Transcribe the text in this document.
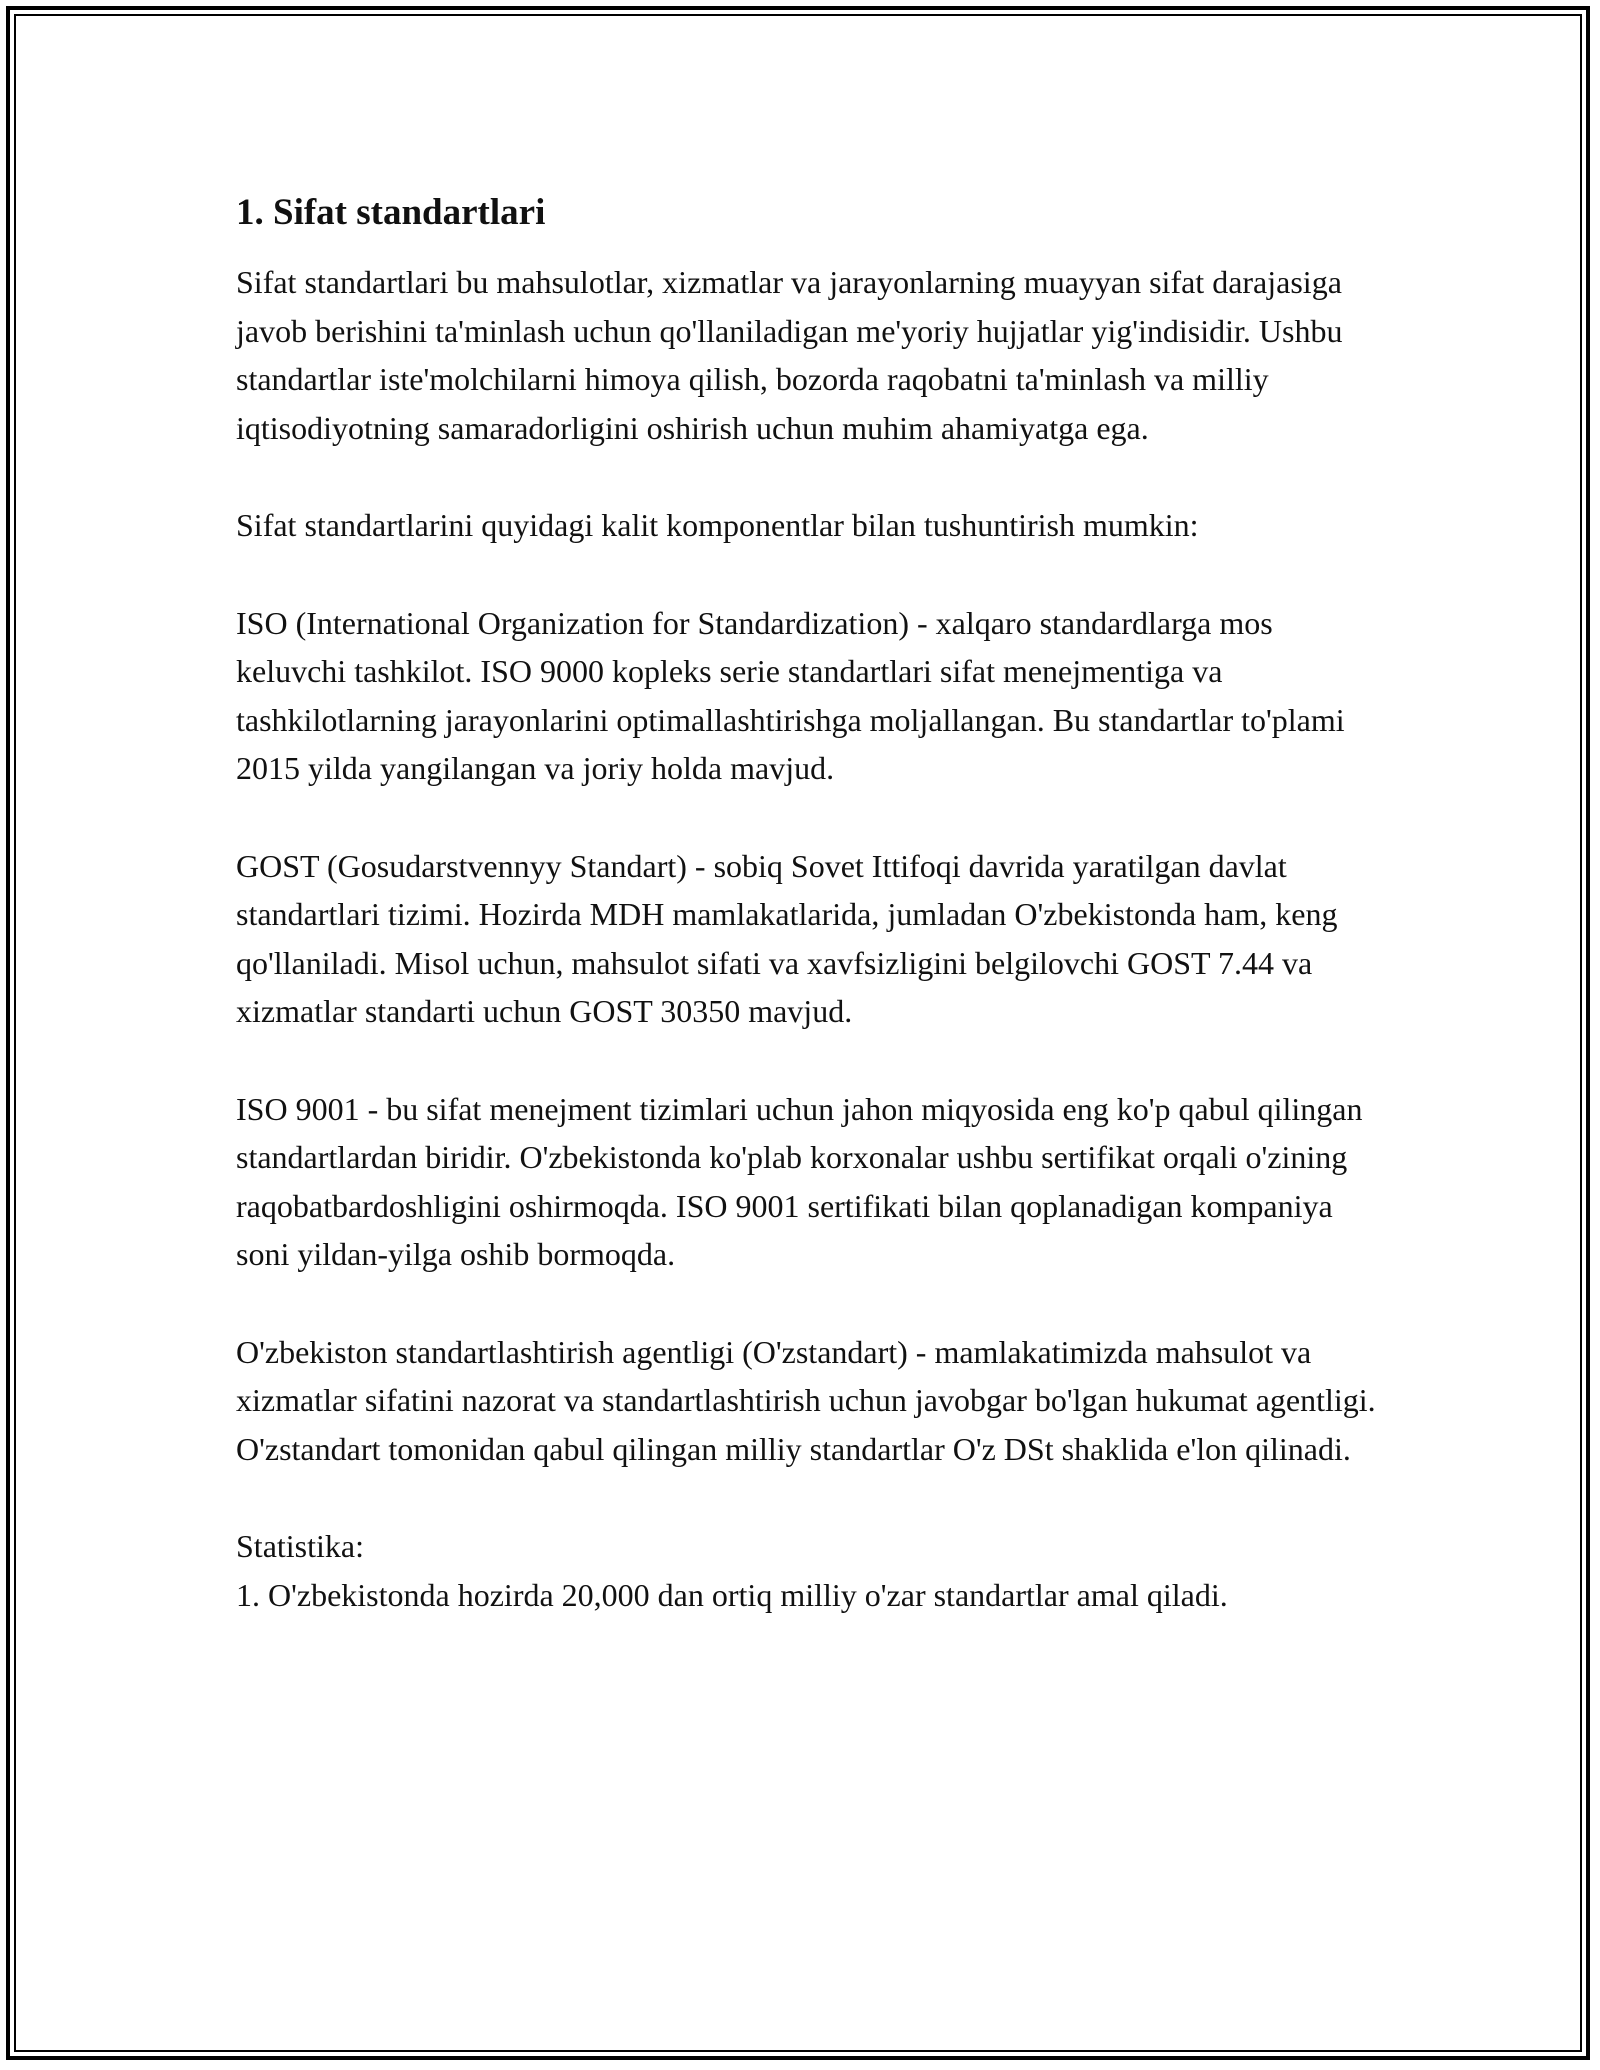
1. Sifat standartlari

Sifat standartlari bu mahsulotlar, xizmatlar va jarayonlarning muayyan sifat darajasiga javob berishini ta'minlash uchun qo'llaniladigan me'yoriy hujjatlar yig'indisidir. Ushbu standartlar iste'molchilarni himoya qilish, bozorda raqobatni ta'minlash va milliy iqtisodiyotning samaradorligini oshirish uchun muhim ahamiyatga ega.

Sifat standartlarini quyidagi kalit komponentlar bilan tushuntirish mumkin:

ISO (International Organization for Standardization) - xalqaro standardlarga mos keluvchi tashkilot. ISO 9000 kopleks serie standartlari sifat menejmentiga va tashkilotlarning jarayonlarini optimallashtirishga moljallangan. Bu standartlar to'plami 2015 yilda yangilangan va joriy holda mavjud.

GOST (Gosudarstvennyy Standart) - sobiq Sovet Ittifoqi davrida yaratilgan davlat standartlari tizimi. Hozirda MDH mamlakatlarida, jumladan O'zbekistonda ham, keng qo'llaniladi. Misol uchun, mahsulot sifati va xavfsizligini belgilovchi GOST 7.44 va xizmatlar standarti uchun GOST 30350 mavjud.

ISO 9001 - bu sifat menejment tizimlari uchun jahon miqyosida eng ko'p qabul qilingan standartlardan biridir. O'zbekistonda ko'plab korxonalar ushbu sertifikat orqali o'zining raqobatbardoshligini oshirmoqda. ISO 9001 sertifikati bilan qoplanadigan kompaniya soni yildan-yilga oshib bormoqda.

O'zbekiston standartlashtirish agentligi (O'zstandart) - mamlakatimizda mahsulot va xizmatlar sifatini nazorat va standartlashtirish uchun javobgar bo'lgan hukumat agentligi. O'zstandart tomonidan qabul qilingan milliy standartlar O'z DSt shaklida e'lon qilinadi.

Statistika:

1. O'zbekistonda hozirda 20,000 dan ortiq milliy o'zar standartlar amal qiladi.
